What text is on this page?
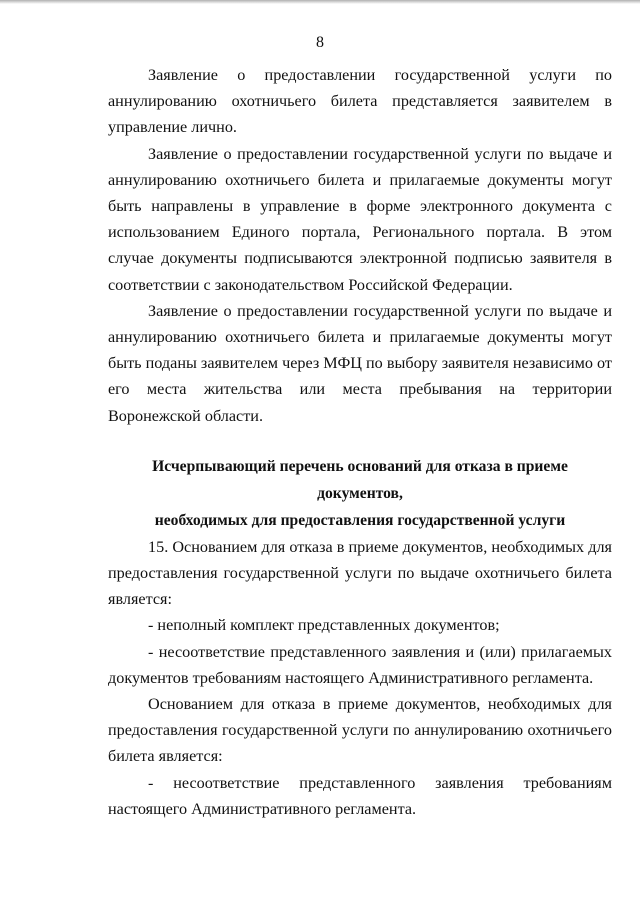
8

Заявление о предоставлении государственной услуги по аннулированию охотничьего билета представляется заявителем в управление лично.

Заявление о предоставлении государственной услуги по выдаче и аннулированию охотничьего билета и прилагаемые документы могут быть направлены в управление в форме электронного документа с использованием Единого портала, Регионального портала. В этом случае документы подписываются электронной подписью заявителя в соответствии с законодательством Российской Федерации.

Заявление о предоставлении государственной услуги по выдаче и аннулированию охотничьего билета и прилагаемые документы могут быть поданы заявителем через МФЦ по выбору заявителя независимо от его места жительства или места пребывания на территории Воронежской области.

Исчерпывающий перечень оснований для отказа в приеме документов,
необходимых для предоставления государственной услуги

15. Основанием для отказа в приеме документов, необходимых для предоставления государственной услуги по выдаче охотничьего билета является:

- неполный комплект представленных документов;

- несоответствие представленного заявления и (или) прилагаемых документов требованиям настоящего Административного регламента.

Основанием для отказа в приеме документов, необходимых для предоставления государственной услуги по аннулированию охотничьего билета является:

- несоответствие представленного заявления требованиям настоящего Административного регламента.
